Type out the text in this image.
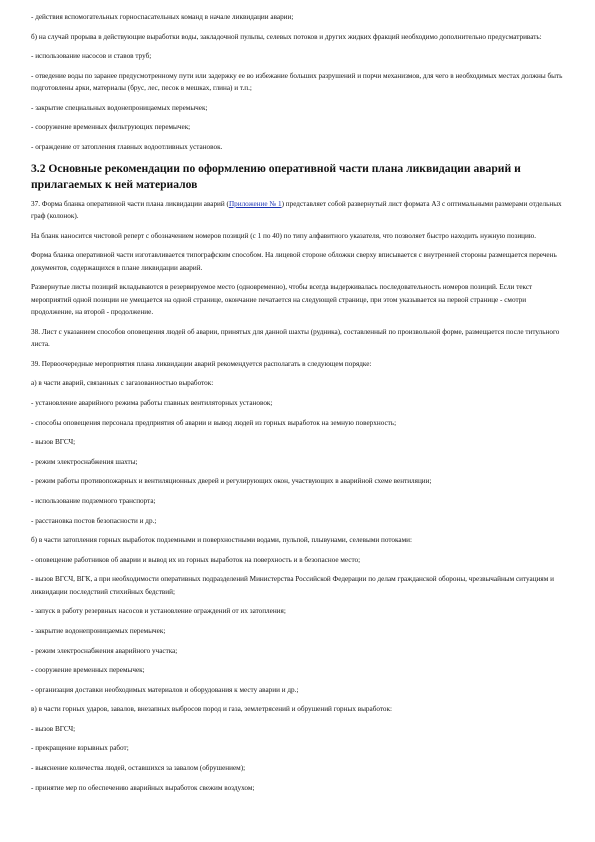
- действия вспомогательных горноспасательных команд в начале ликвидации аварии;

б) на случай прорыва в действующие выработки воды, закладочной пульпы, селевых потоков и других жидких фракций необходимо дополнительно предусматривать:

- использование насосов и ставов труб;

- отведение воды по заранее предусмотренному пути или задержку ее во избежание больших разрушений и порчи механизмов, для чего в необходимых местах должны быть подготовлены арки, материалы (брус, лес, песок в мешках, глина) и т.п.;

- закрытие специальных водонепроницаемых перемычек;

- сооружение временных фильтрующих перемычек;

- ограждение от затопления главных водоотливных установок.

3.2 Основные рекомендации по оформлению оперативной части плана ликвидации аварий и прилагаемых к ней материалов

37. Форма бланка оперативной части плана ликвидации аварий (Приложение № 1) представляет собой развернутый лист формата А3 с оптимальными размерами отдельных граф (колонок).

На бланк наносится чистовой реперт с обозначением номеров позиций (с 1 по 40) по типу алфавитного указателя, что позволяет быстро находить нужную позицию.

Форма бланка оперативной части изготавливается типографским способом. На лицевой стороне обложки сверху вписывается с внутренней стороны размещается перечень документов, содержащихся в плане ликвидации аварий.

Развернутые листы позиций вкладываются в резервируемое место (одновременно), чтобы всегда выдерживалась последовательность номеров позиций. Если текст мероприятий одной позиции не умещается на одной странице, окончание печатается на следующей странице, при этом указывается на первой странице - смотри продолжение, на второй - продолжение.

38. Лист с указанием способов оповещения людей об аварии, принятых для данной шахты (рудника), составленный по произвольной форме, размещается после титульного листа.

39. Первоочередные мероприятия плана ликвидации аварий рекомендуется располагать в следующем порядке:

а) в части аварий, связанных с загазованностью выработок:

- установление аварийного режима работы главных вентиляторных установок;

- способы оповещения персонала предприятия об аварии и вывод людей из горных выработок на земную поверхность;

- вызов ВГСЧ;

- режим электроснабжения шахты;

- режим работы противопожарных и вентиляционных дверей и регулирующих окон, участвующих в аварийной схеме вентиляции;

- использование подземного транспорта;

- расстановка постов безопасности и др.;

б) в части затопления горных выработок подземными и поверхностными водами, пульпой, плывунами, селевыми потоками:

- оповещение работников об аварии и вывод их из горных выработок на поверхность и в безопасное место;

- вызов ВГСЧ, ВГК, а при необходимости оперативных подразделений Министерства Российской Федерации по делам гражданской обороны, чрезвычайным ситуациям и ликвидации последствий стихийных бедствий;

- запуск в работу резервных насосов и установление ограждений от их затопления;

- закрытие водонепроницаемых перемычек;

- режим электроснабжения аварийного участка;

- сооружение временных перемычек;

- организация доставки необходимых материалов и оборудования к месту аварии и др.;

в) в части горных ударов, завалов, внезапных выбросов пород и газа, землетрясений и обрушений горных выработок:

- вызов ВГСЧ;

- прекращение взрывных работ;

- выяснение количества людей, оставшихся за завалом (обрушением);

- принятие мер по обеспечению аварийных выработок свежим воздухом;
